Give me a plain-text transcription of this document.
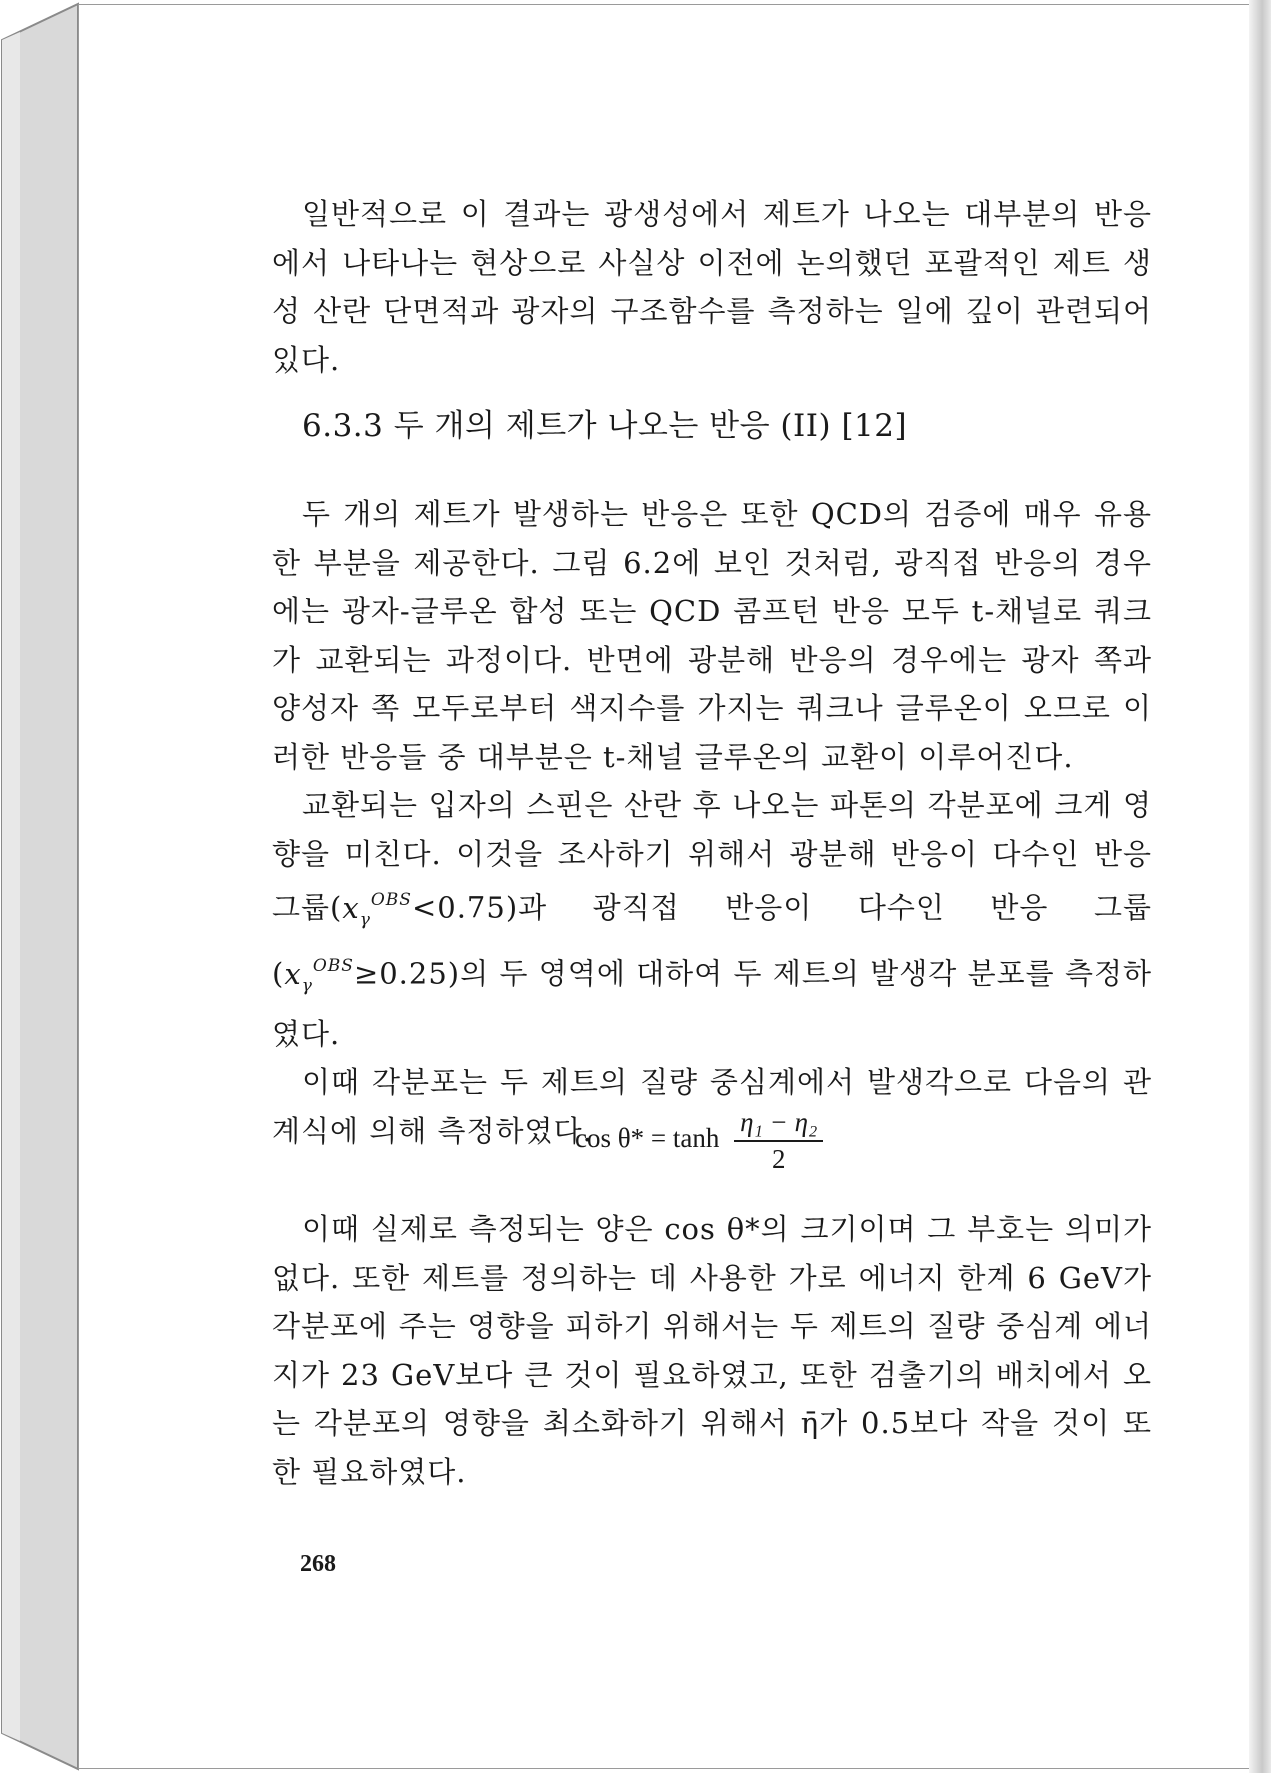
일반적으로 이 결과는 광생성에서 제트가 나오는 대부분의 반응에서 나타나는 현상으로 사실상 이전에 논의했던 포괄적인 제트 생성 산란 단면적과 광자의 구조함수를 측정하는 일에 깊이 관련되어 있다.

6.3.3 두 개의 제트가 나오는 반응 (II) [12]

두 개의 제트가 발생하는 반응은 또한 QCD의 검증에 매우 유용한 부분을 제공한다. 그림 6.2에 보인 것처럼, 광직접 반응의 경우에는 광자-글루온 합성 또는 QCD 콤프턴 반응 모두 t-채널로 쿼크가 교환되는 과정이다. 반면에 광분해 반응의 경우에는 광자 쪽과 양성자 쪽 모두로부터 색지수를 가지는 쿼크나 글루온이 오므로 이러한 반응들 중 대부분은 t-채널 글루온의 교환이 이루어진다.

교환되는 입자의 스핀은 산란 후 나오는 파톤의 각분포에 크게 영향을 미친다. 이것을 조사하기 위해서 광분해 반응이 다수인 반응 그룹$(x_\gamma^{OBS}<0.75)$과 광직접 반응이 다수인 반응 그룹$(x_\gamma^{OBS}\ge 0.25)$의 두 영역에 대하여 두 제트의 발생각 분포를 측정하였다.

이때 각분포는 두 제트의 질량 중심계에서 발생각으로 다음의 관계식에 의해 측정하였다.

$\cos \theta* = \tanh \frac{\text{η₁ − η₂}}{2}$

이때 실제로 측정되는 양은 cos θ*의 크기이며 그 부호는 의미가 없다. 또한 제트를 정의하는 데 사용한 가로 에너지 한계 6 GeV가 각분포에 주는 영향을 피하기 위해서는 두 제트의 질량 중심계 에너지가 23 GeV보다 큰 것이 필요하였고, 또한 검출기의 배치에서 오는 각분포의 영향을 최소화하기 위해서 η̄가 0.5보다 작을 것이 또한 필요하였다.

268
